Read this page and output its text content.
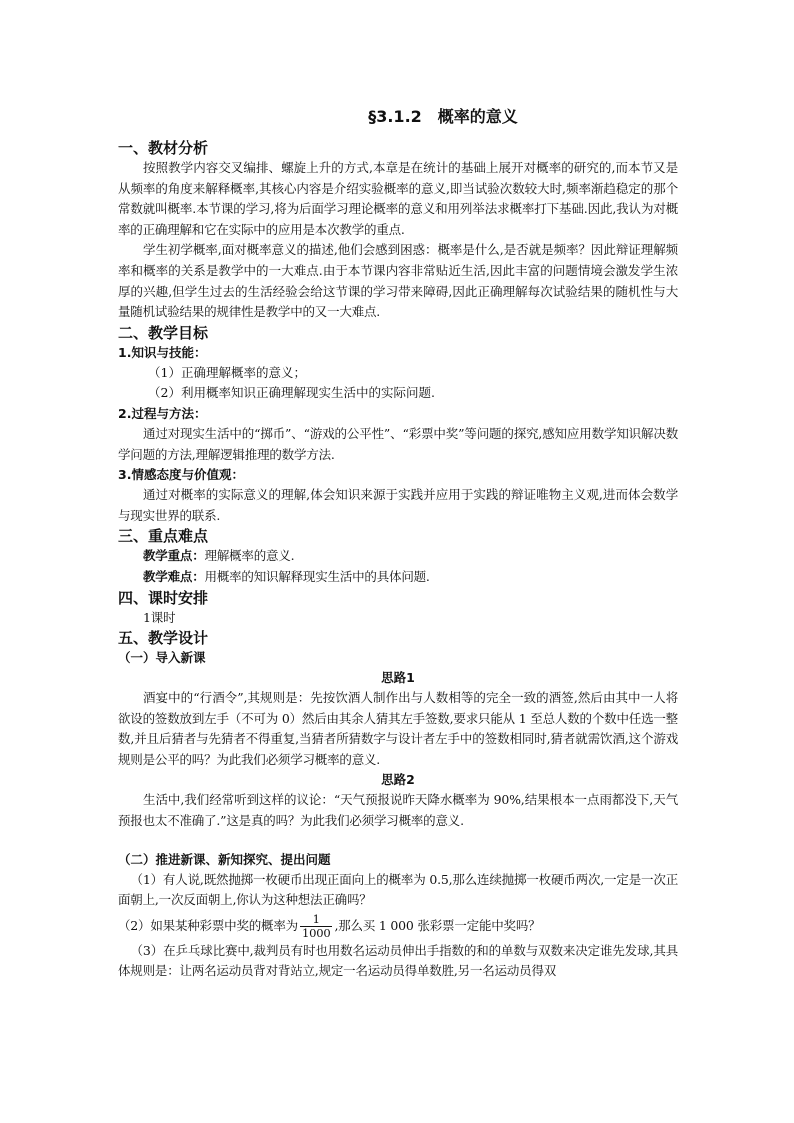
§3.1.2　概率的意义
一、教材分析

按照教学内容交叉编排、螺旋上升的方式,本章是在统计的基础上展开对概率的研究的,而本节又是从频率的角度来解释概率,其核心内容是介绍实验概率的意义,即当试验次数较大时,频率渐趋稳定的那个常数就叫概率.本节课的学习,将为后面学习理论概率的意义和用列举法求概率打下基础.因此,我认为对概率的正确理解和它在实际中的应用是本次教学的重点.

学生初学概率,面对概率意义的描述,他们会感到困惑：概率是什么,是否就是频率？因此辩证理解频率和概率的关系是教学中的一大难点.由于本节课内容非常贴近生活,因此丰富的问题情境会激发学生浓厚的兴趣,但学生过去的生活经验会给这节课的学习带来障碍,因此正确理解每次试验结果的随机性与大量随机试验结果的规律性是教学中的又一大难点.

二、教学目标
1.知识与技能：

（1）正确理解概率的意义；

（2）利用概率知识正确理解现实生活中的实际问题.

2.过程与方法：

通过对现实生活中的“掷币”、“游戏的公平性”、“彩票中奖”等问题的探究,感知应用数学知识解决数学问题的方法,理解逻辑推理的数学方法.

3.情感态度与价值观：

通过对概率的实际意义的理解,体会知识来源于实践并应用于实践的辩证唯物主义观,进而体会数学与现实世界的联系.

三、重点难点

教学重点：理解概率的意义.

教学难点：用概率的知识解释现实生活中的具体问题.

四、课时安排

1课时

五、教学设计
（一）导入新课
思路1

酒宴中的“行酒令”,其规则是：先按饮酒人制作出与人数相等的完全一致的酒签,然后由其中一人将欲设的签数放到左手（不可为 0）然后由其余人猜其左手签数,要求只能从 1 至总人数的个数中任选一整数,并且后猜者与先猜者不得重复,当猜者所猜数字与设计者左手中的签数相同时,猜者就需饮酒,这个游戏规则是公平的吗？为此我们必须学习概率的意义.

思路2

生活中,我们经常听到这样的议论：“天气预报说昨天降水概率为 90%,结果根本一点雨都没下,天气预报也太不准确了.”这是真的吗？为此我们必须学习概率的意义.

（二）推进新课、新知探究、提出问题

（1）有人说,既然抛掷一枚硬币出现正面向上的概率为 0.5,那么连续抛掷一枚硬币两次,一定是一次正面朝上,一次反面朝上,你认为这种想法正确吗？

（2）如果某种彩票中奖的概率为 $\frac{1}{1000}$ ,那么买 1 000 张彩票一定能中奖吗？

（3）在乒乓球比赛中,裁判员有时也用数名运动员伸出手指数的和的单数与双数来决定谁先发球,其具体规则是：让两名运动员背对背站立,规定一名运动员得单数胜,另一名运动员得双
